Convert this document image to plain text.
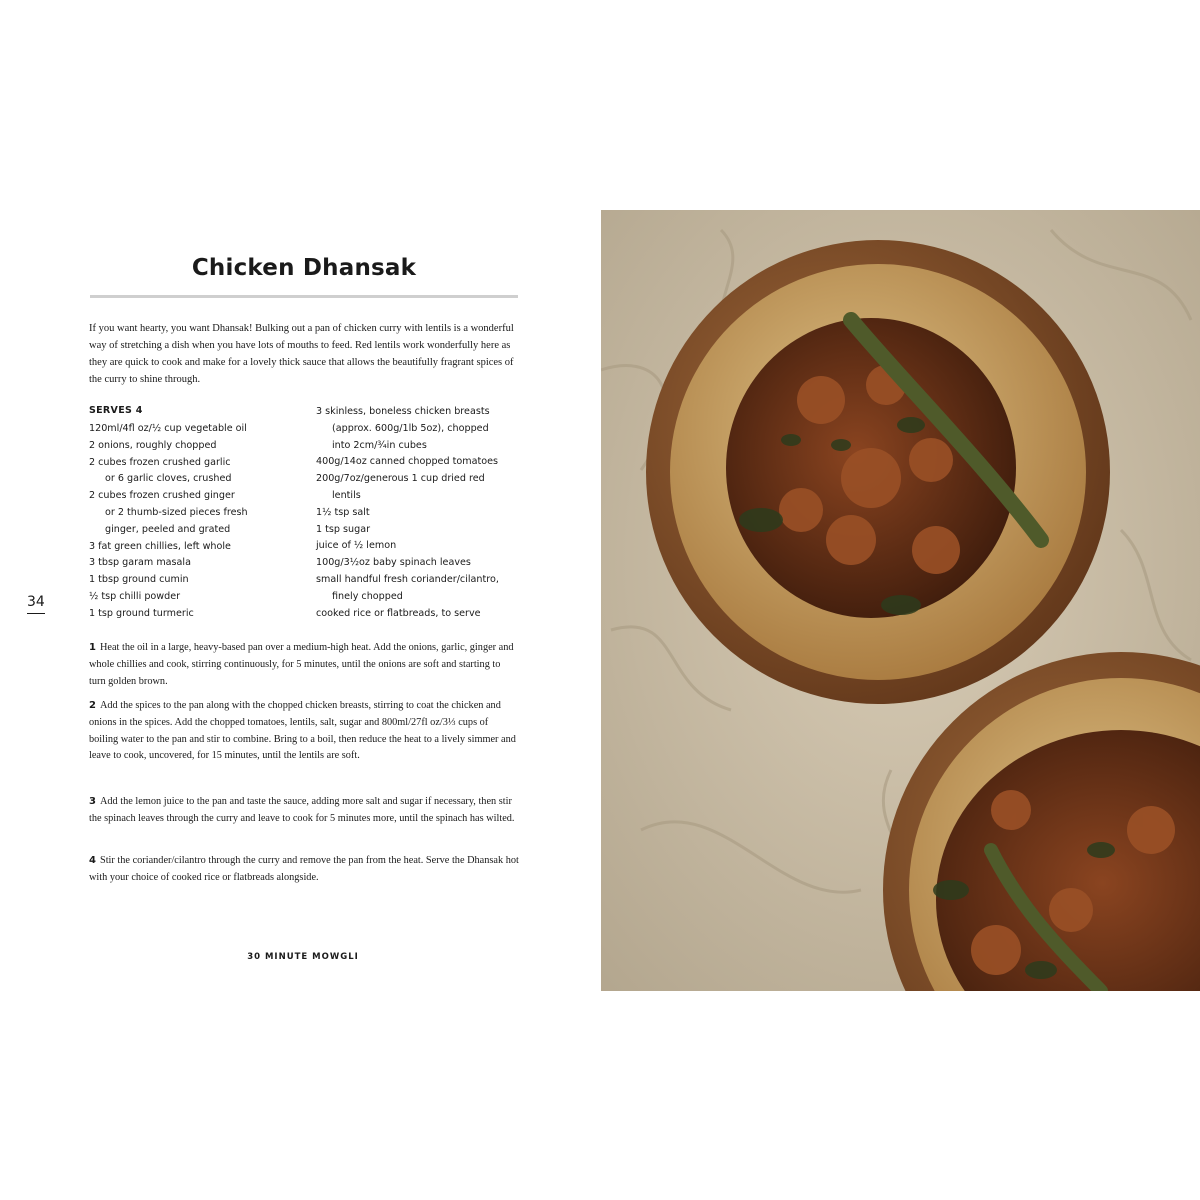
Chicken Dhansak
If you want hearty, you want Dhansak! Bulking out a pan of chicken curry with lentils is a wonderful way of stretching a dish when you have lots of mouths to feed. Red lentils work wonderfully here as they are quick to cook and make for a lovely thick sauce that allows the beautifully fragrant spices of the curry to shine through.
SERVES 4
120ml/4fl oz/½ cup vegetable oil
2 onions, roughly chopped
2 cubes frozen crushed garlic
or 6 garlic cloves, crushed
2 cubes frozen crushed ginger
or 2 thumb-sized pieces fresh
ginger, peeled and grated
3 fat green chillies, left whole
3 tbsp garam masala
1 tbsp ground cumin
½ tsp chilli powder
1 tsp ground turmeric
3 skinless, boneless chicken breasts
(approx. 600g/1lb 5oz), chopped
into 2cm/¾in cubes
400g/14oz canned chopped tomatoes
200g/7oz/generous 1 cup dried red
lentils
1½ tsp salt
1 tsp sugar
juice of ½ lemon
100g/3½oz baby spinach leaves
small handful fresh coriander/cilantro,
finely chopped
cooked rice or flatbreads, to serve
34
1 Heat the oil in a large, heavy-based pan over a medium-high heat. Add the onions, garlic, ginger and whole chillies and cook, stirring continuously, for 5 minutes, until the onions are soft and starting to turn golden brown.
2 Add the spices to the pan along with the chopped chicken breasts, stirring to coat the chicken and onions in the spices. Add the chopped tomatoes, lentils, salt, sugar and 800ml/27fl oz/3⅓ cups of boiling water to the pan and stir to combine. Bring to a boil, then reduce the heat to a lively simmer and leave to cook, uncovered, for 15 minutes, until the lentils are soft.
3 Add the lemon juice to the pan and taste the sauce, adding more salt and sugar if necessary, then stir the spinach leaves through the curry and leave to cook for 5 minutes more, until the spinach has wilted.
4 Stir the coriander/cilantro through the curry and remove the pan from the heat. Serve the Dhansak hot with your choice of cooked rice or flatbreads alongside.
30 MINUTE MOWGLI
